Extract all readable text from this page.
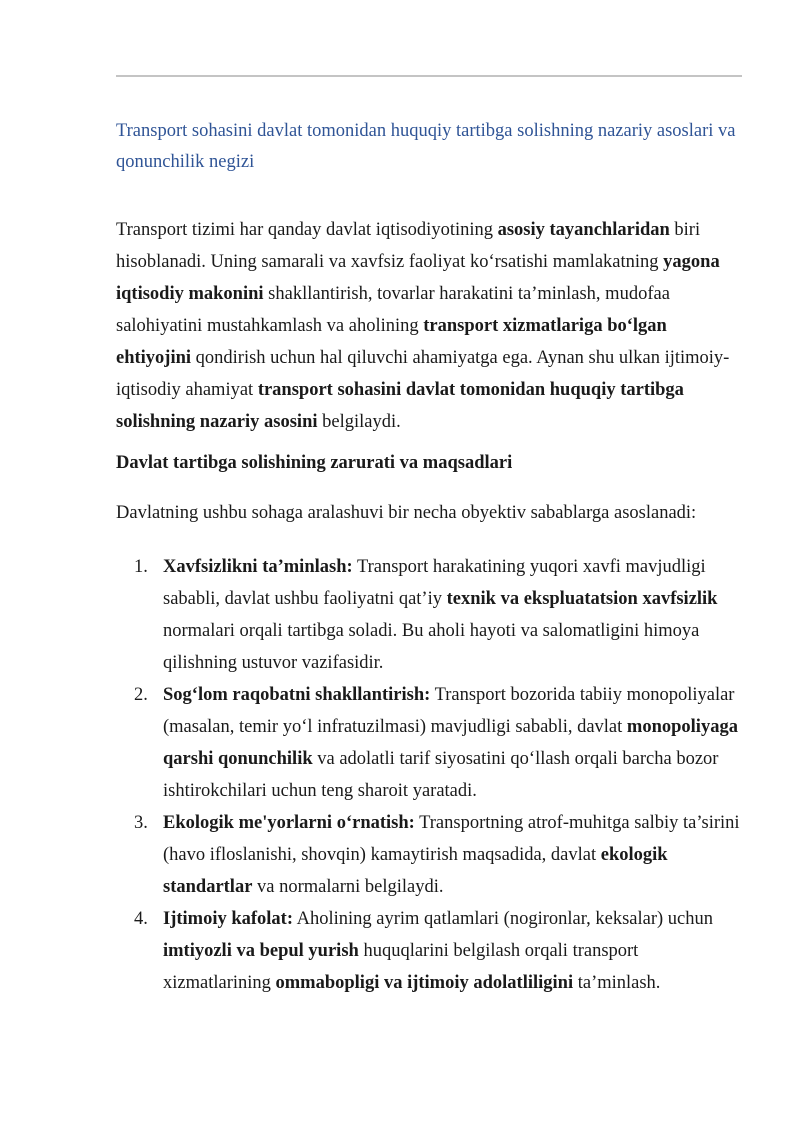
Transport sohasini davlat tomonidan huquqiy tartibga solishning nazariy asoslari va qonunchilik negizi

Transport tizimi har qanday davlat iqtisodiyotining asosiy tayanchlaridan biri hisoblanadi. Uning samarali va xavfsiz faoliyat ko‘rsatishi mamlakatning yagona iqtisodiy makonini shakllantirish, tovarlar harakatini ta’minlash, mudofaa salohiyatini mustahkamlash va aholining transport xizmatlariga bo‘lgan ehtiyojini qondirish uchun hal qiluvchi ahamiyatga ega. Aynan shu ulkan ijtimoiy-iqtisodiy ahamiyat transport sohasini davlat tomonidan huquqiy tartibga solishning nazariy asosini belgilaydi.

Davlat tartibga solishining zarurati va maqsadlari

Davlatning ushbu sohaga aralashuvi bir necha obyektiv sabablarga asoslanadi:

1. Xavfsizlikni ta’minlash: Transport harakatining yuqori xavfi mavjudligi sababli, davlat ushbu faoliyatni qat’iy texnik va ekspluatatsion xavfsizlik normalari orqali tartibga soladi. Bu aholi hayoti va salomatligini himoya qilishning ustuvor vazifasidir.
2. Sog‘lom raqobatni shakllantirish: Transport bozorida tabiiy monopoliyalar (masalan, temir yo‘l infratuzilmasi) mavjudligi sababli, davlat monopoliyaga qarshi qonunchilik va adolatli tarif siyosatini qo‘llash orqali barcha bozor ishtirokchilari uchun teng sharoit yaratadi.
3. Ekologik me'yorlarni o‘rnatish: Transportning atrof-muhitga salbiy ta’sirini (havo ifloslanishi, shovqin) kamaytirish maqsadida, davlat ekologik standartlar va normalarni belgilaydi.
4. Ijtimoiy kafolat: Aholining ayrim qatlamlari (nogironlar, keksalar) uchun imtiyozli va bepul yurish huquqlarini belgilash orqali transport xizmatlarining ommabopligi va ijtimoiy adolatliligini ta’minlash.
